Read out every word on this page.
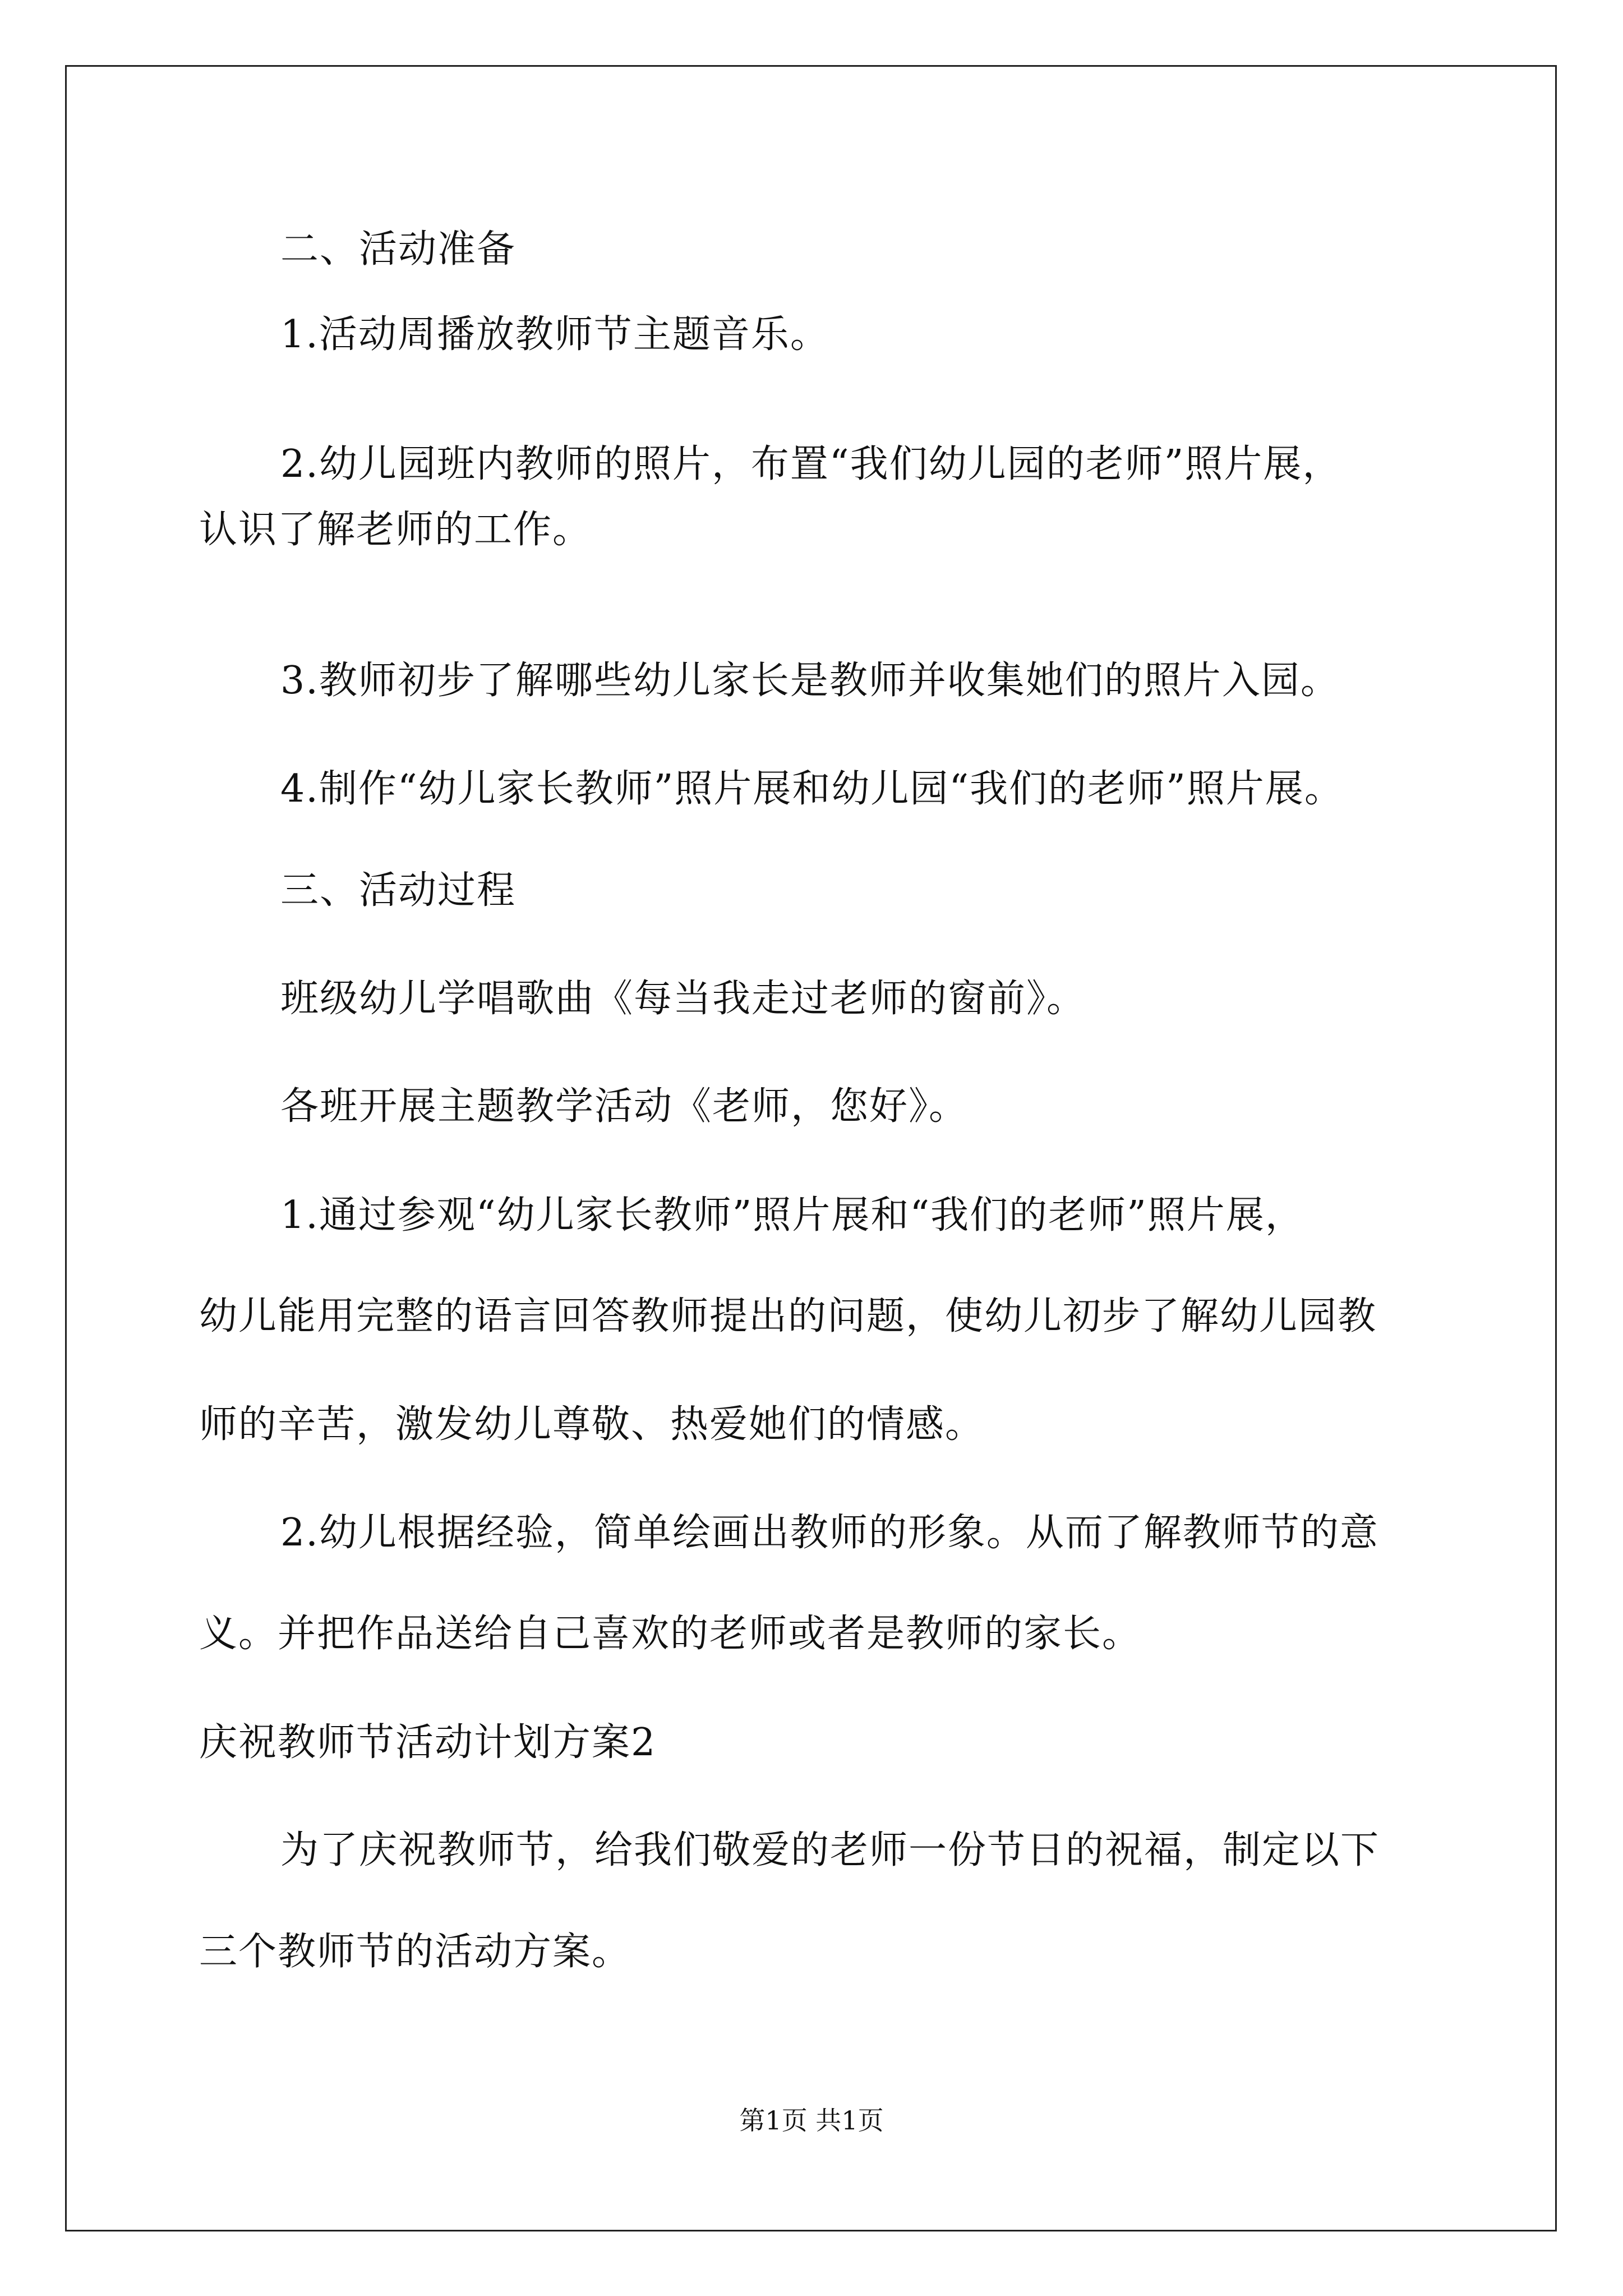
二、活动准备
1.活动周播放教师节主题音乐。
2.幼儿园班内教师的照片，布置“我们幼儿园的老师”照片展，
认识了解老师的工作。
3.教师初步了解哪些幼儿家长是教师并收集她们的照片入园。
4.制作“幼儿家长教师”照片展和幼儿园“我们的老师”照片展。
三、活动过程
班级幼儿学唱歌曲《每当我走过老师的窗前》。
各班开展主题教学活动《老师，您好》。
1.通过参观“幼儿家长教师”照片展和“我们的老师”照片展，
幼儿能用完整的语言回答教师提出的问题，使幼儿初步了解幼儿园教
师的辛苦，激发幼儿尊敬、热爱她们的情感。
2.幼儿根据经验，简单绘画出教师的形象。从而了解教师节的意
义。并把作品送给自己喜欢的老师或者是教师的家长。
庆祝教师节活动计划方案2
为了庆祝教师节，给我们敬爱的老师一份节日的祝福，制定以下
三个教师节的活动方案。
第1页 共1页
